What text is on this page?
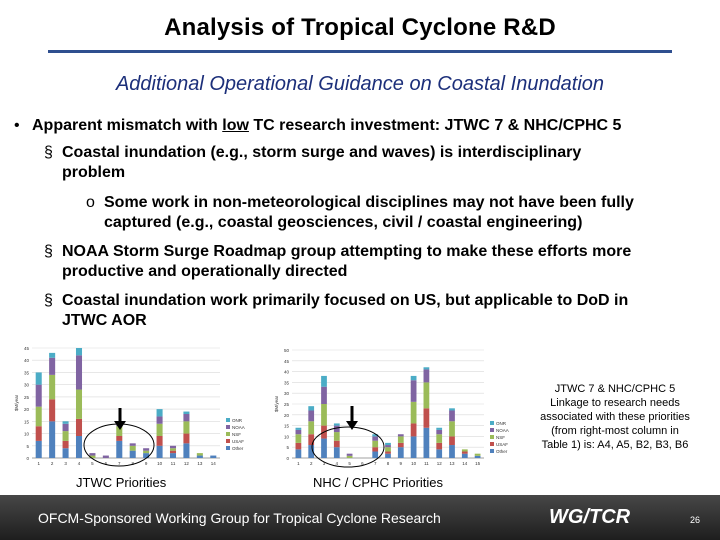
Analysis of Tropical Cyclone R&D
Additional Operational Guidance on Coastal Inundation
• Apparent mismatch with low TC research investment: JTWC 7 & NHC/CPHC 5
§ Coastal inundation (e.g., storm surge and waves) is interdisciplinary
problem
o Some work in non-meteorological disciplines may not have been fully
captured (e.g., coastal geosciences, civil / coastal engineering)
§ NOAA Storm Surge Roadmap group attempting to make these efforts more
productive and operationally directed
§ Coastal inundation work primarily focused on US, but applicable to DoD in
JTWC AOR
0
5
10
15
20
25
30
35
40
45
$M/year
1 2 3 4 5 6 7 8 9 10 11 12 13 14
ONR
NOAA
NSF
USAF
Other
0
5
10
15
20
25
30
35
40
45
50
$M/year
1 2 3 4 5 6 7 8 9 10 11 12 13 14 15
ONR
NOAA
NSF
USAF
Other
JTWC 7 & NHC/CPHC 5
Linkage to research needs
associated with these priorities
(from right-most column in
Table 1) is: A4, A5, B2, B3, B6
JTWC Priorities	NHC / CPHC Priorities
OFCM-Sponsored Working Group for Tropical Cyclone Research	WG/TCR	26
